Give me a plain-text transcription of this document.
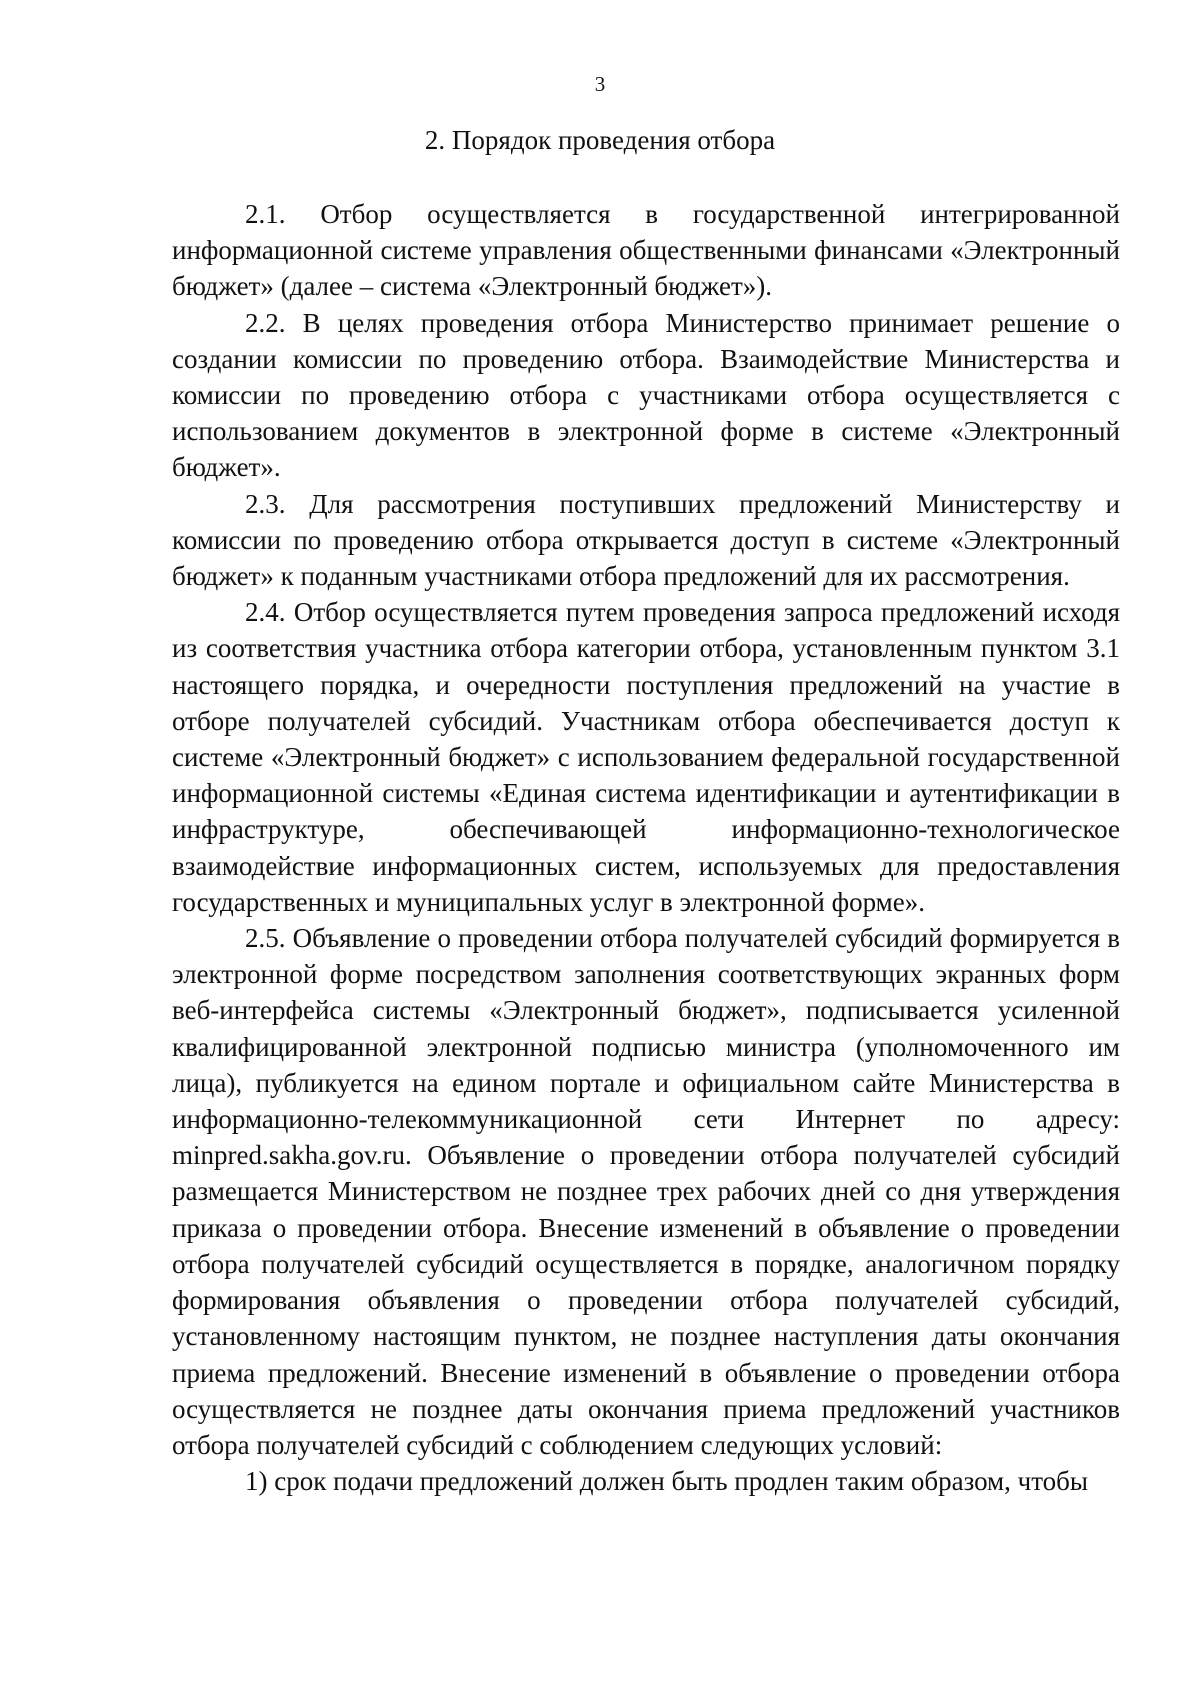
3
2. Порядок проведения отбора

2.1. Отбор осуществляется в государственной интегрированной информационной системе управления общественными финансами «Электронный бюджет» (далее – система «Электронный бюджет»).

2.2. В целях проведения отбора Министерство принимает решение о создании комиссии по проведению отбора. Взаимодействие Министерства и комиссии по проведению отбора с участниками отбора осуществляется с использованием документов в электронной форме в системе «Электронный бюджет».

2.3. Для рассмотрения поступивших предложений Министерству и комиссии по проведению отбора открывается доступ в системе «Электронный бюджет» к поданным участниками отбора предложений для их рассмотрения.

2.4. Отбор осуществляется путем проведения запроса предложений исходя из соответствия участника отбора категории отбора, установленным пунктом 3.1 настоящего порядка, и очередности поступления предложений на участие в отборе получателей субсидий. Участникам отбора обеспечивается доступ к системе «Электронный бюджет» с использованием федеральной государственной информационной системы «Единая система идентификации и аутентификации в инфраструктуре, обеспечивающей информационно-технологическое взаимодействие информационных систем, используемых для предоставления государственных и муниципальных услуг в электронной форме».

2.5. Объявление о проведении отбора получателей субсидий формируется в электронной форме посредством заполнения соответствующих экранных форм веб-интерфейса системы «Электронный бюджет», подписывается усиленной квалифицированной электронной подписью министра (уполномоченного им лица), публикуется на едином портале и официальном сайте Министерства в информационно-телекоммуникационной сети Интернет по адресу: minpred.sakha.gov.ru. Объявление о проведении отбора получателей субсидий размещается Министерством не позднее трех рабочих дней со дня утверждения приказа о проведении отбора. Внесение изменений в объявление о проведении отбора получателей субсидий осуществляется в порядке, аналогичном порядку формирования объявления о проведении отбора получателей субсидий, установленному настоящим пунктом, не позднее наступления даты окончания приема предложений. Внесение изменений в объявление о проведении отбора осуществляется не позднее даты окончания приема предложений участников отбора получателей субсидий с соблюдением следующих условий:

1) срок подачи предложений должен быть продлен таким образом, чтобы
